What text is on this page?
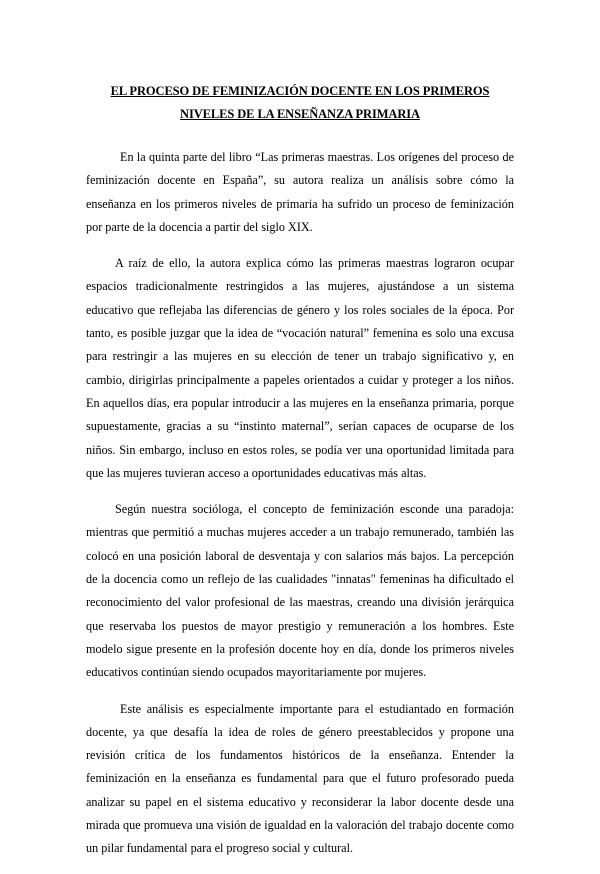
EL PROCESO DE FEMINIZACIÓN DOCENTE EN LOS PRIMEROS NIVELES DE LA ENSEÑANZA PRIMARIA

En la quinta parte del libro “Las primeras maestras. Los orígenes del proceso de feminización docente en España”, su autora realiza un análisis sobre cómo la enseñanza en los primeros niveles de primaria ha sufrido un proceso de feminización por parte de la docencia a partir del siglo XIX.

A raíz de ello, la autora explica cómo las primeras maestras lograron ocupar espacios tradicionalmente restringidos a las mujeres, ajustándose a un sistema educativo que reflejaba las diferencias de género y los roles sociales de la época. Por tanto, es posible juzgar que la idea de “vocación natural” femenina es solo una excusa para restringir a las mujeres en su elección de tener un trabajo significativo y, en cambio, dirigirlas principalmente a papeles orientados a cuidar y proteger a los niños. En aquellos días, era popular introducir a las mujeres en la enseñanza primaria, porque supuestamente, gracias a su “instinto maternal”, serían capaces de ocuparse de los niños. Sin embargo, incluso en estos roles, se podía ver una oportunidad limitada para que las mujeres tuvieran acceso a oportunidades educativas más altas.

Según nuestra socióloga, el concepto de feminización esconde una paradoja: mientras que permitió a muchas mujeres acceder a un trabajo remunerado, también las colocó en una posición laboral de desventaja y con salarios más bajos. La percepción de la docencia como un reflejo de las cualidades "innatas" femeninas ha dificultado el reconocimiento del valor profesional de las maestras, creando una división jerárquica que reservaba los puestos de mayor prestigio y remuneración a los hombres. Este modelo sigue presente en la profesión docente hoy en día, donde los primeros niveles educativos continúan siendo ocupados mayoritariamente por mujeres.

Este análisis es especialmente importante para el estudiantado en formación docente, ya que desafía la idea de roles de género preestablecidos y propone una revisión crítica de los fundamentos históricos de la enseñanza. Entender la feminización en la enseñanza es fundamental para que el futuro profesorado pueda analizar su papel en el sistema educativo y reconsiderar la labor docente desde una mirada que promueva una visión de igualdad en la valoración del trabajo docente como un pilar fundamental para el progreso social y cultural.
